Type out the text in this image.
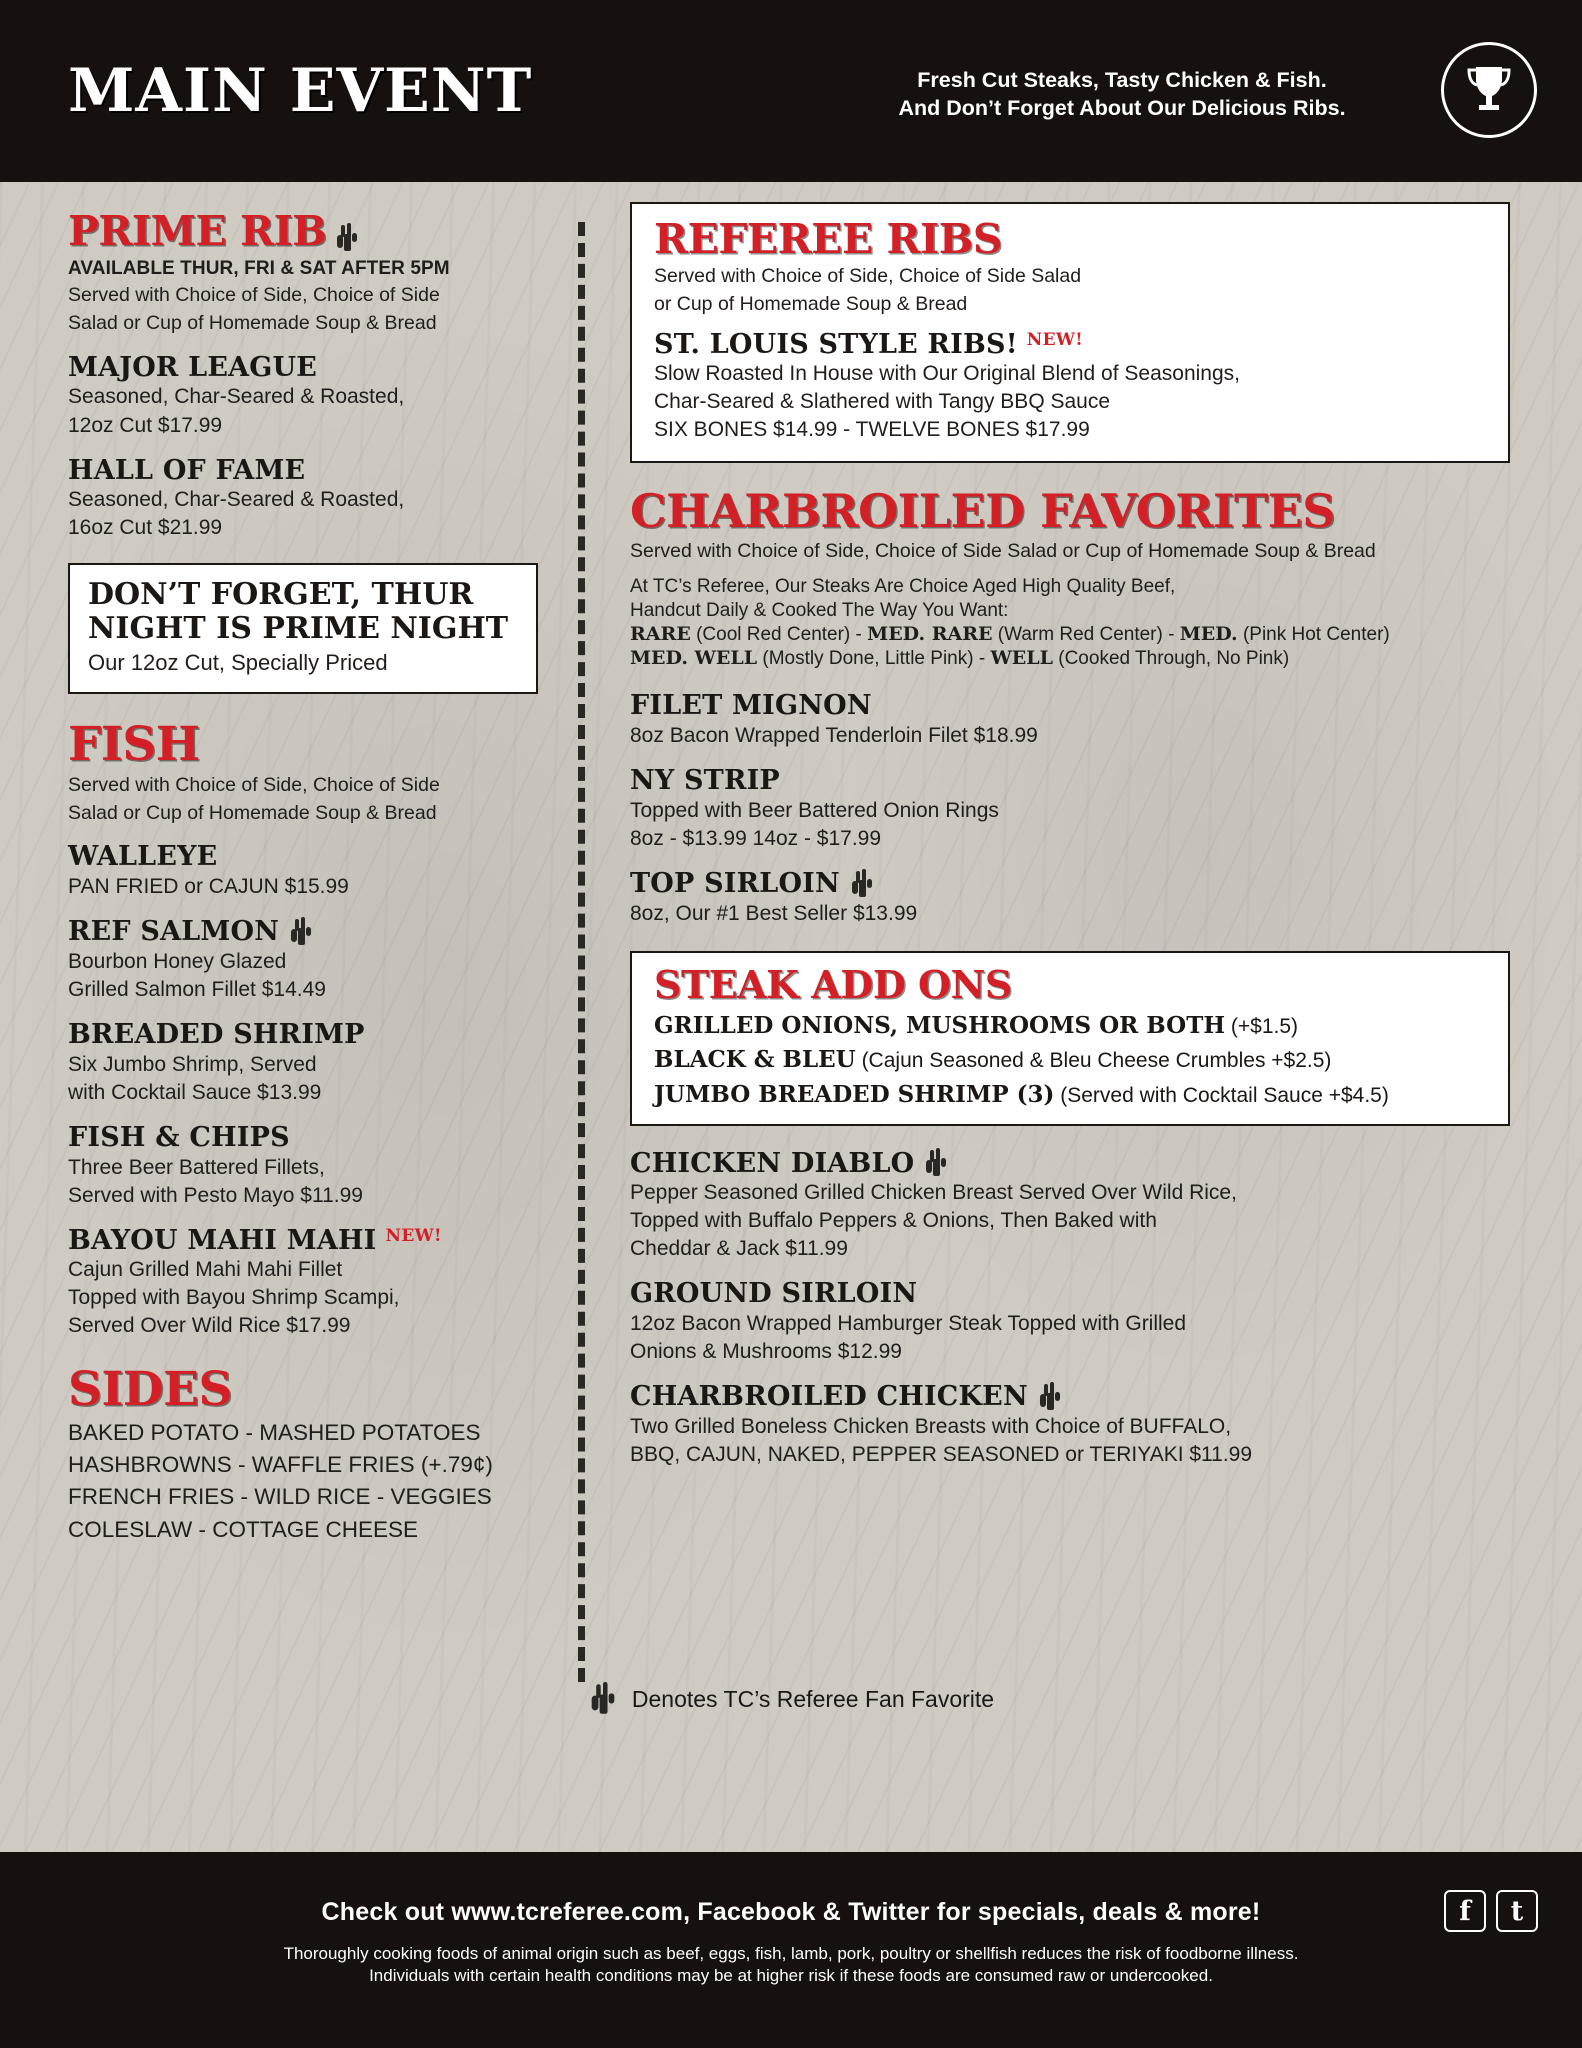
MAIN EVENT	Fresh Cut Steaks, Tasty Chicken & Fish.
And Don’t Forget About Our Delicious Ribs.
PRIME RIB
AVAILABLE THUR, FRI & SAT AFTER 5PM
Served with Choice of Side, Choice of Side
Salad or Cup of Homemade Soup & Bread
MAJOR LEAGUE
Seasoned, Char-Seared & Roasted,
12oz Cut $17.99
HALL OF FAME
Seasoned, Char-Seared & Roasted,
16oz Cut $21.99
DON’T FORGET, THUR
NIGHT IS PRIME NIGHT
Our 12oz Cut, Specially Priced
FISH
Served with Choice of Side, Choice of Side
Salad or Cup of Homemade Soup & Bread
WALLEYE
PAN FRIED or CAJUN $15.99
REF SALMON
Bourbon Honey Glazed
Grilled Salmon Fillet $14.49
BREADED SHRIMP
Six Jumbo Shrimp, Served
with Cocktail Sauce $13.99
FISH & CHIPS
Three Beer Battered Fillets,
Served with Pesto Mayo $11.99
BAYOU MAHI MAHI NEW!
Cajun Grilled Mahi Mahi Fillet
Topped with Bayou Shrimp Scampi,
Served Over Wild Rice $17.99
SIDES
BAKED POTATO - MASHED POTATOES
HASHBROWNS - WAFFLE FRIES (+.79¢)
FRENCH FRIES - WILD RICE - VEGGIES
COLESLAW - COTTAGE CHEESE
REFEREE RIBS
Served with Choice of Side, Choice of Side Salad
or Cup of Homemade Soup & Bread
ST. LOUIS STYLE RIBS! NEW!
Slow Roasted In House with Our Original Blend of Seasonings,
Char-Seared & Slathered with Tangy BBQ Sauce
SIX BONES $14.99 - TWELVE BONES $17.99
CHARBROILED FAVORITES
Served with Choice of Side, Choice of Side Salad or Cup of Homemade Soup & Bread
At TC’s Referee, Our Steaks Are Choice Aged High Quality Beef,
Handcut Daily & Cooked The Way You Want:
RARE (Cool Red Center) - MED. RARE (Warm Red Center) - MED. (Pink Hot Center)
MED. WELL (Mostly Done, Little Pink) - WELL (Cooked Through, No Pink)
FILET MIGNON
8oz Bacon Wrapped Tenderloin Filet $18.99
NY STRIP
Topped with Beer Battered Onion Rings
8oz - $13.99 14oz - $17.99
TOP SIRLOIN
8oz, Our #1 Best Seller $13.99
STEAK ADD ONS
GRILLED ONIONS, MUSHROOMS OR BOTH (+$1.5)
BLACK & BLEU (Cajun Seasoned & Bleu Cheese Crumbles +$2.5)
JUMBO BREADED SHRIMP (3) (Served with Cocktail Sauce +$4.5)
CHICKEN DIABLO
Pepper Seasoned Grilled Chicken Breast Served Over Wild Rice,
Topped with Buffalo Peppers & Onions, Then Baked with
Cheddar & Jack $11.99
GROUND SIRLOIN
12oz Bacon Wrapped Hamburger Steak Topped with Grilled
Onions & Mushrooms $12.99
CHARBROILED CHICKEN
Two Grilled Boneless Chicken Breasts with Choice of BUFFALO,
BBQ, CAJUN, NAKED, PEPPER SEASONED or TERIYAKI $11.99
Denotes TC’s Referee Fan Favorite
Check out www.tcreferee.com, Facebook & Twitter for specials, deals & more!
Thoroughly cooking foods of animal origin such as beef, eggs, fish, lamb, pork, poultry or shellfish reduces the risk of foodborne illness.
Individuals with certain health conditions may be at higher risk if these foods are consumed raw or undercooked.
f	t
